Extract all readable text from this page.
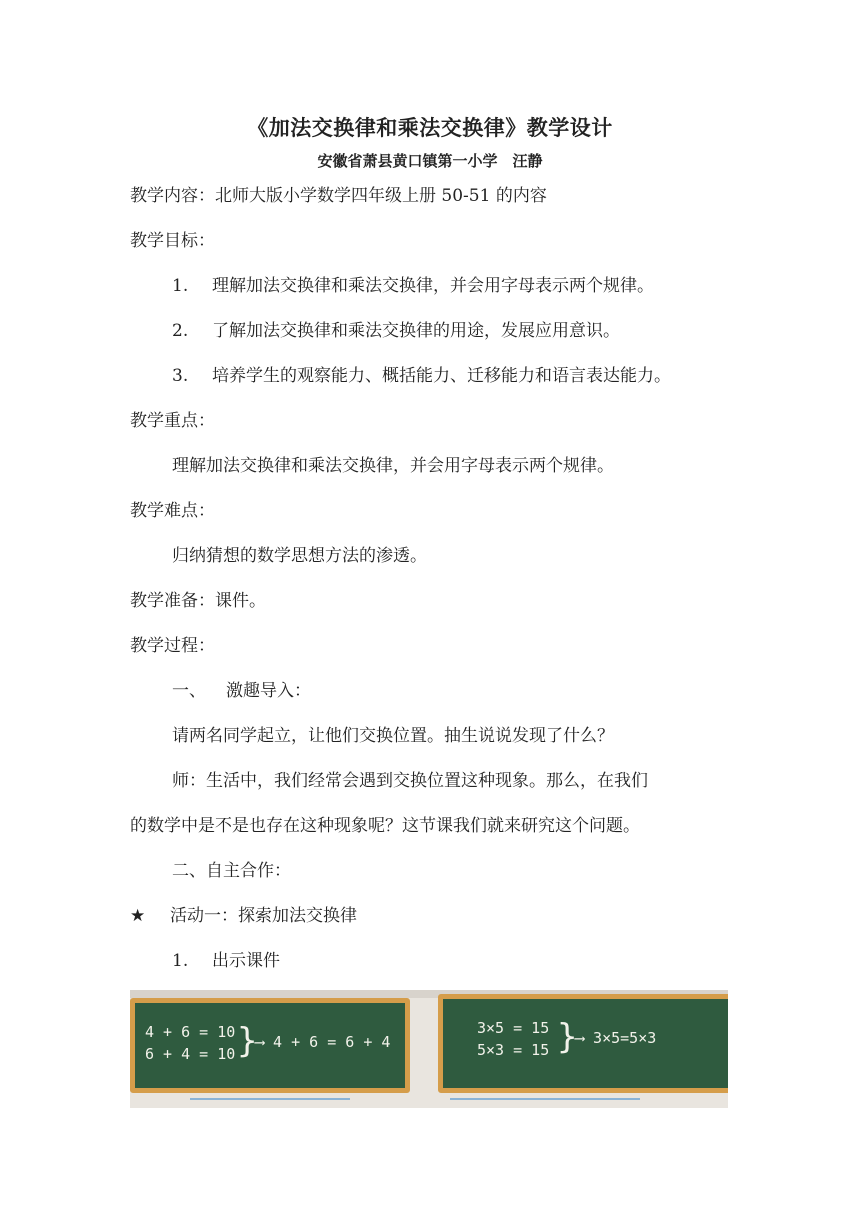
《加法交换律和乘法交换律》教学设计
安徽省萧县黄口镇第一小学　汪静
教学内容：北师大版小学数学四年级上册 50-51 的内容
教学目标：
1. 理解加法交换律和乘法交换律，并会用字母表示两个规律。
2. 了解加法交换律和乘法交换律的用途，发展应用意识。
3. 培养学生的观察能力、概括能力、迁移能力和语言表达能力。
教学重点：
理解加法交换律和乘法交换律，并会用字母表示两个规律。
教学难点：
归纳猜想的数学思想方法的渗透。
教学准备：课件。
教学过程：
一、 激趣导入：
请两名同学起立，让他们交换位置。抽生说说发现了什么？
师：生活中，我们经常会遇到交换位置这种现象。那么，在我们
的数学中是不是也存在这种现象呢？这节课我们就来研究这个问题。
二、自主合作：
★ 活动一：探索加法交换律
1. 出示课件
4 + 6 = 10
6 + 4 = 10 }
⟶ 4 + 6 = 6 + 4
3×5 = 15
5×3 = 15 }
⟶ 3×5=5×3
